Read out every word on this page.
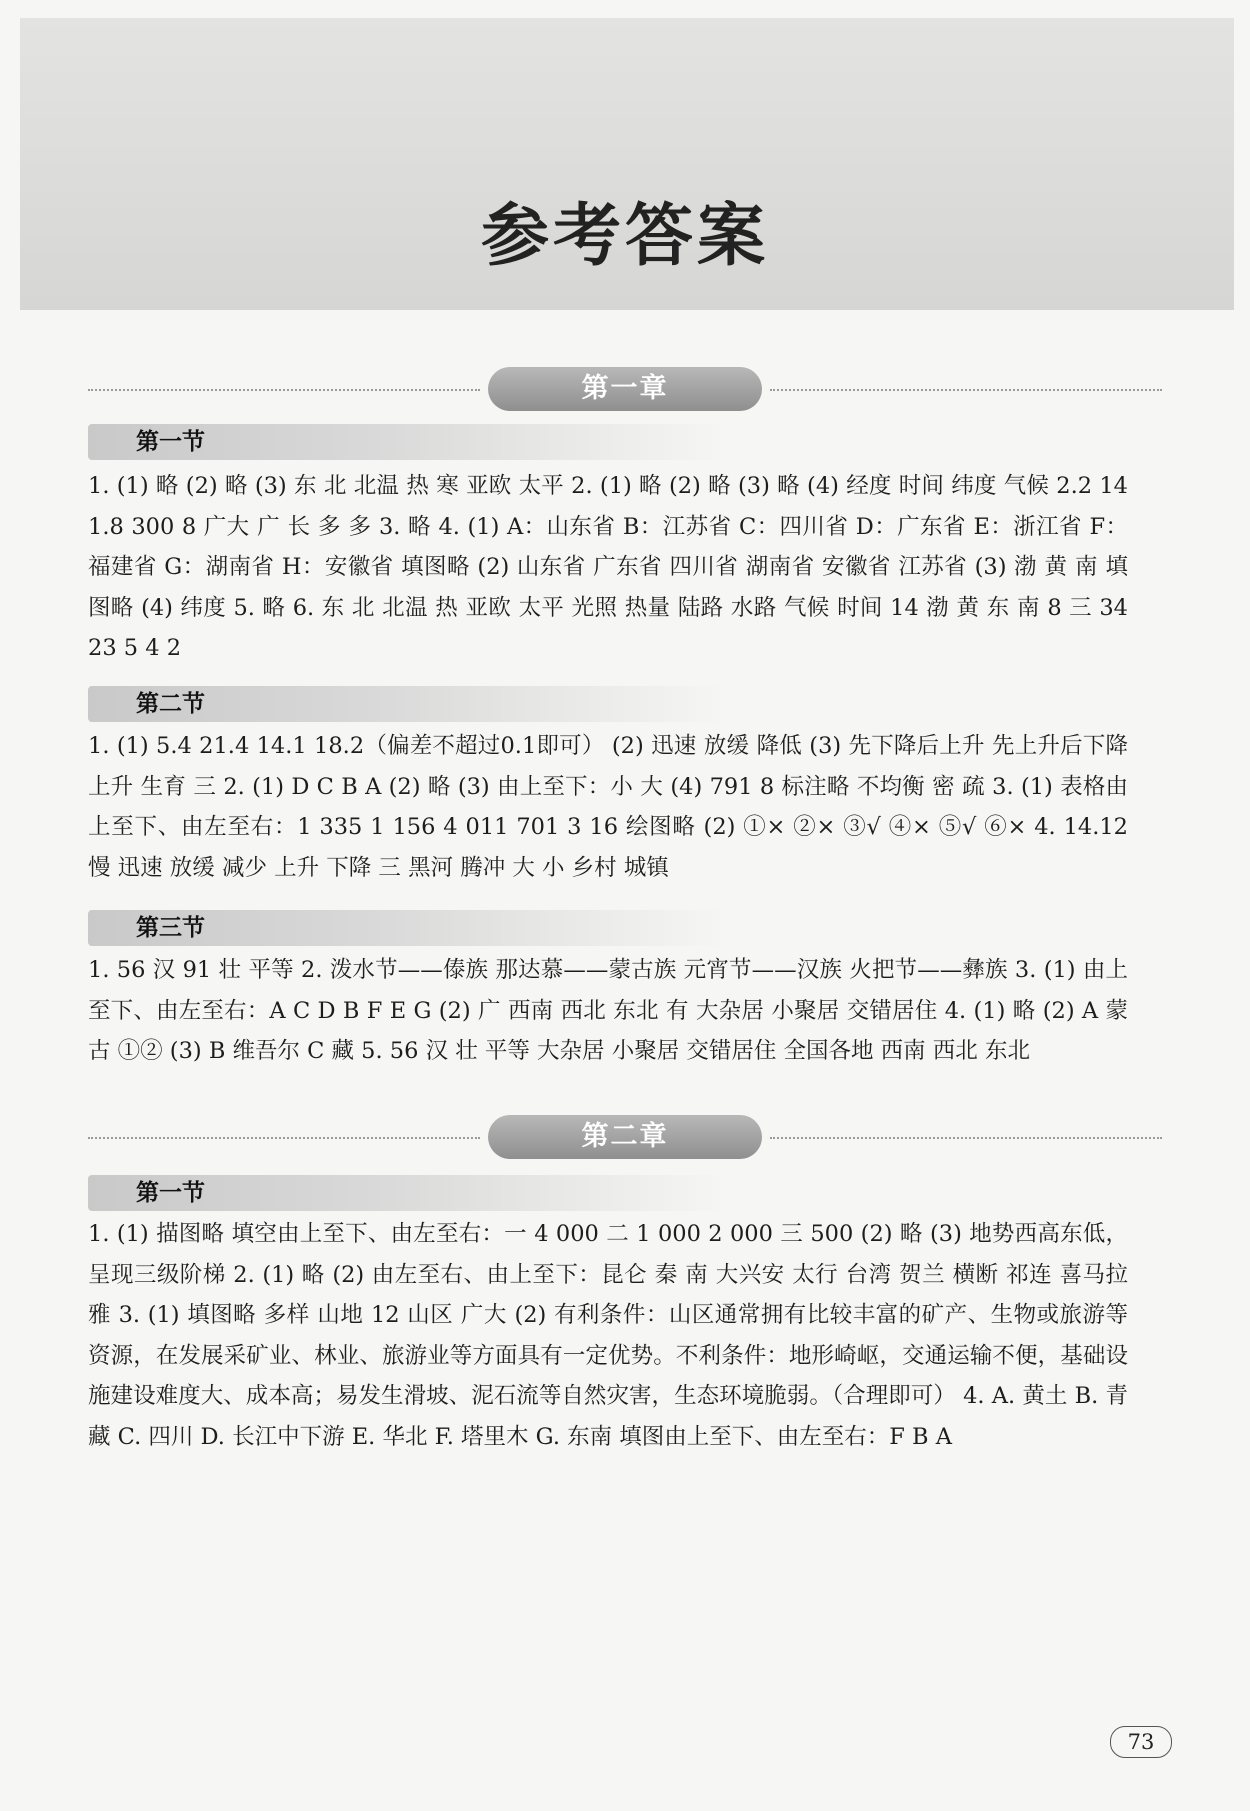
参考答案
第一章
第一节

1. (1) 略 (2) 略 (3) 东 北 北温 热 寒 亚欧 太平 2. (1) 略 (2) 略 (3) 略 (4) 经度 时间 纬度 气候 2.2 14 1.8 300 8 广大 广 长 多 多 3. 略 4. (1) A：山东省 B：江苏省 C：四川省 D：广东省 E：浙江省 F：福建省 G：湖南省 H：安徽省 填图略 (2) 山东省 广东省 四川省 湖南省 安徽省 江苏省 (3) 渤 黄 南 填图略 (4) 纬度 5. 略 6. 东 北 北温 热 亚欧 太平 光照 热量 陆路 水路 气候 时间 14 渤 黄 东 南 8 三 34 23 5 4 2

第二节

1. (1) 5.4 21.4 14.1 18.2（偏差不超过0.1即可） (2) 迅速 放缓 降低 (3) 先下降后上升 先上升后下降 上升 生育 三 2. (1) D C B A (2) 略 (3) 由上至下：小 大 (4) 791 8 标注略 不均衡 密 疏 3. (1) 表格由上至下、由左至右：1 335 1 156 4 011 701 3 16 绘图略 (2) ①× ②× ③√ ④× ⑤√ ⑥× 4. 14.12 慢 迅速 放缓 减少 上升 下降 三 黑河 腾冲 大 小 乡村 城镇

第三节

1. 56 汉 91 壮 平等 2. 泼水节——傣族 那达慕——蒙古族 元宵节——汉族 火把节——彝族 3. (1) 由上至下、由左至右：A C D B F E G (2) 广 西南 西北 东北 有 大杂居 小聚居 交错居住 4. (1) 略 (2) A 蒙古 ①② (3) B 维吾尔 C 藏 5. 56 汉 壮 平等 大杂居 小聚居 交错居住 全国各地 西南 西北 东北

第二章
第一节

1. (1) 描图略 填空由上至下、由左至右：一 4 000 二 1 000 2 000 三 500 (2) 略 (3) 地势西高东低，呈现三级阶梯 2. (1) 略 (2) 由左至右、由上至下：昆仑 秦 南 大兴安 太行 台湾 贺兰 横断 祁连 喜马拉雅 3. (1) 填图略 多样 山地 12 山区 广大 (2) 有利条件：山区通常拥有比较丰富的矿产、生物或旅游等资源，在发展采矿业、林业、旅游业等方面具有一定优势。不利条件：地形崎岖，交通运输不便，基础设施建设难度大、成本高；易发生滑坡、泥石流等自然灾害，生态环境脆弱。（合理即可） 4. A. 黄土 B. 青藏 C. 四川 D. 长江中下游 E. 华北 F. 塔里木 G. 东南 填图由上至下、由左至右：F B A

73
